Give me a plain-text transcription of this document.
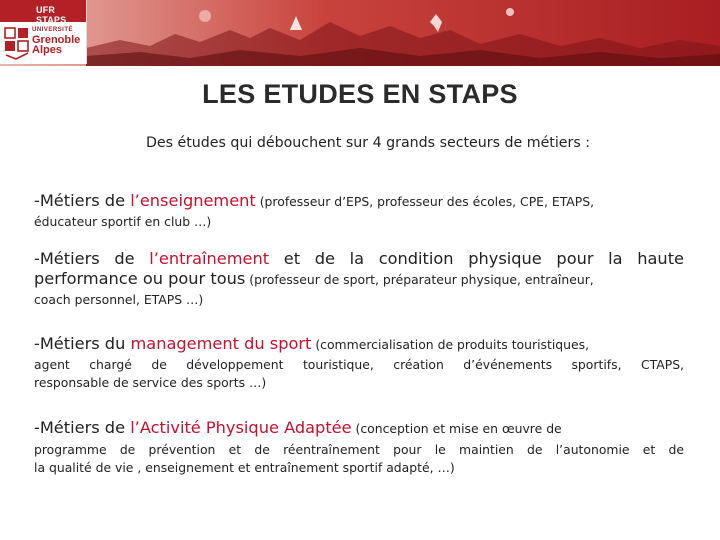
UFR STAPS
UNIVERSITÉ
Grenoble
Alpes
LES ETUDES EN STAPS
Des études qui débouchent sur 4 grands secteurs de métiers :
-Métiers de l’enseignement (professeur d’EPS, professeur des écoles, CPE, ETAPS,
éducateur sportif en club …)
-Métiers de l’entraînement et de la condition physique pour la haute
performance ou pour tous (professeur de sport, préparateur physique, entraîneur,
coach personnel, ETAPS …)
-Métiers du management du sport (commercialisation de produits touristiques,
agent chargé de développement touristique, création d’événements sportifs, CTAPS,
responsable de service des sports …)
-Métiers de l’Activité Physique Adaptée (conception et mise en œuvre de
programme de prévention et de réentraînement pour le maintien de l’autonomie et de
la qualité de vie , enseignement et entraînement sportif adapté, …)
